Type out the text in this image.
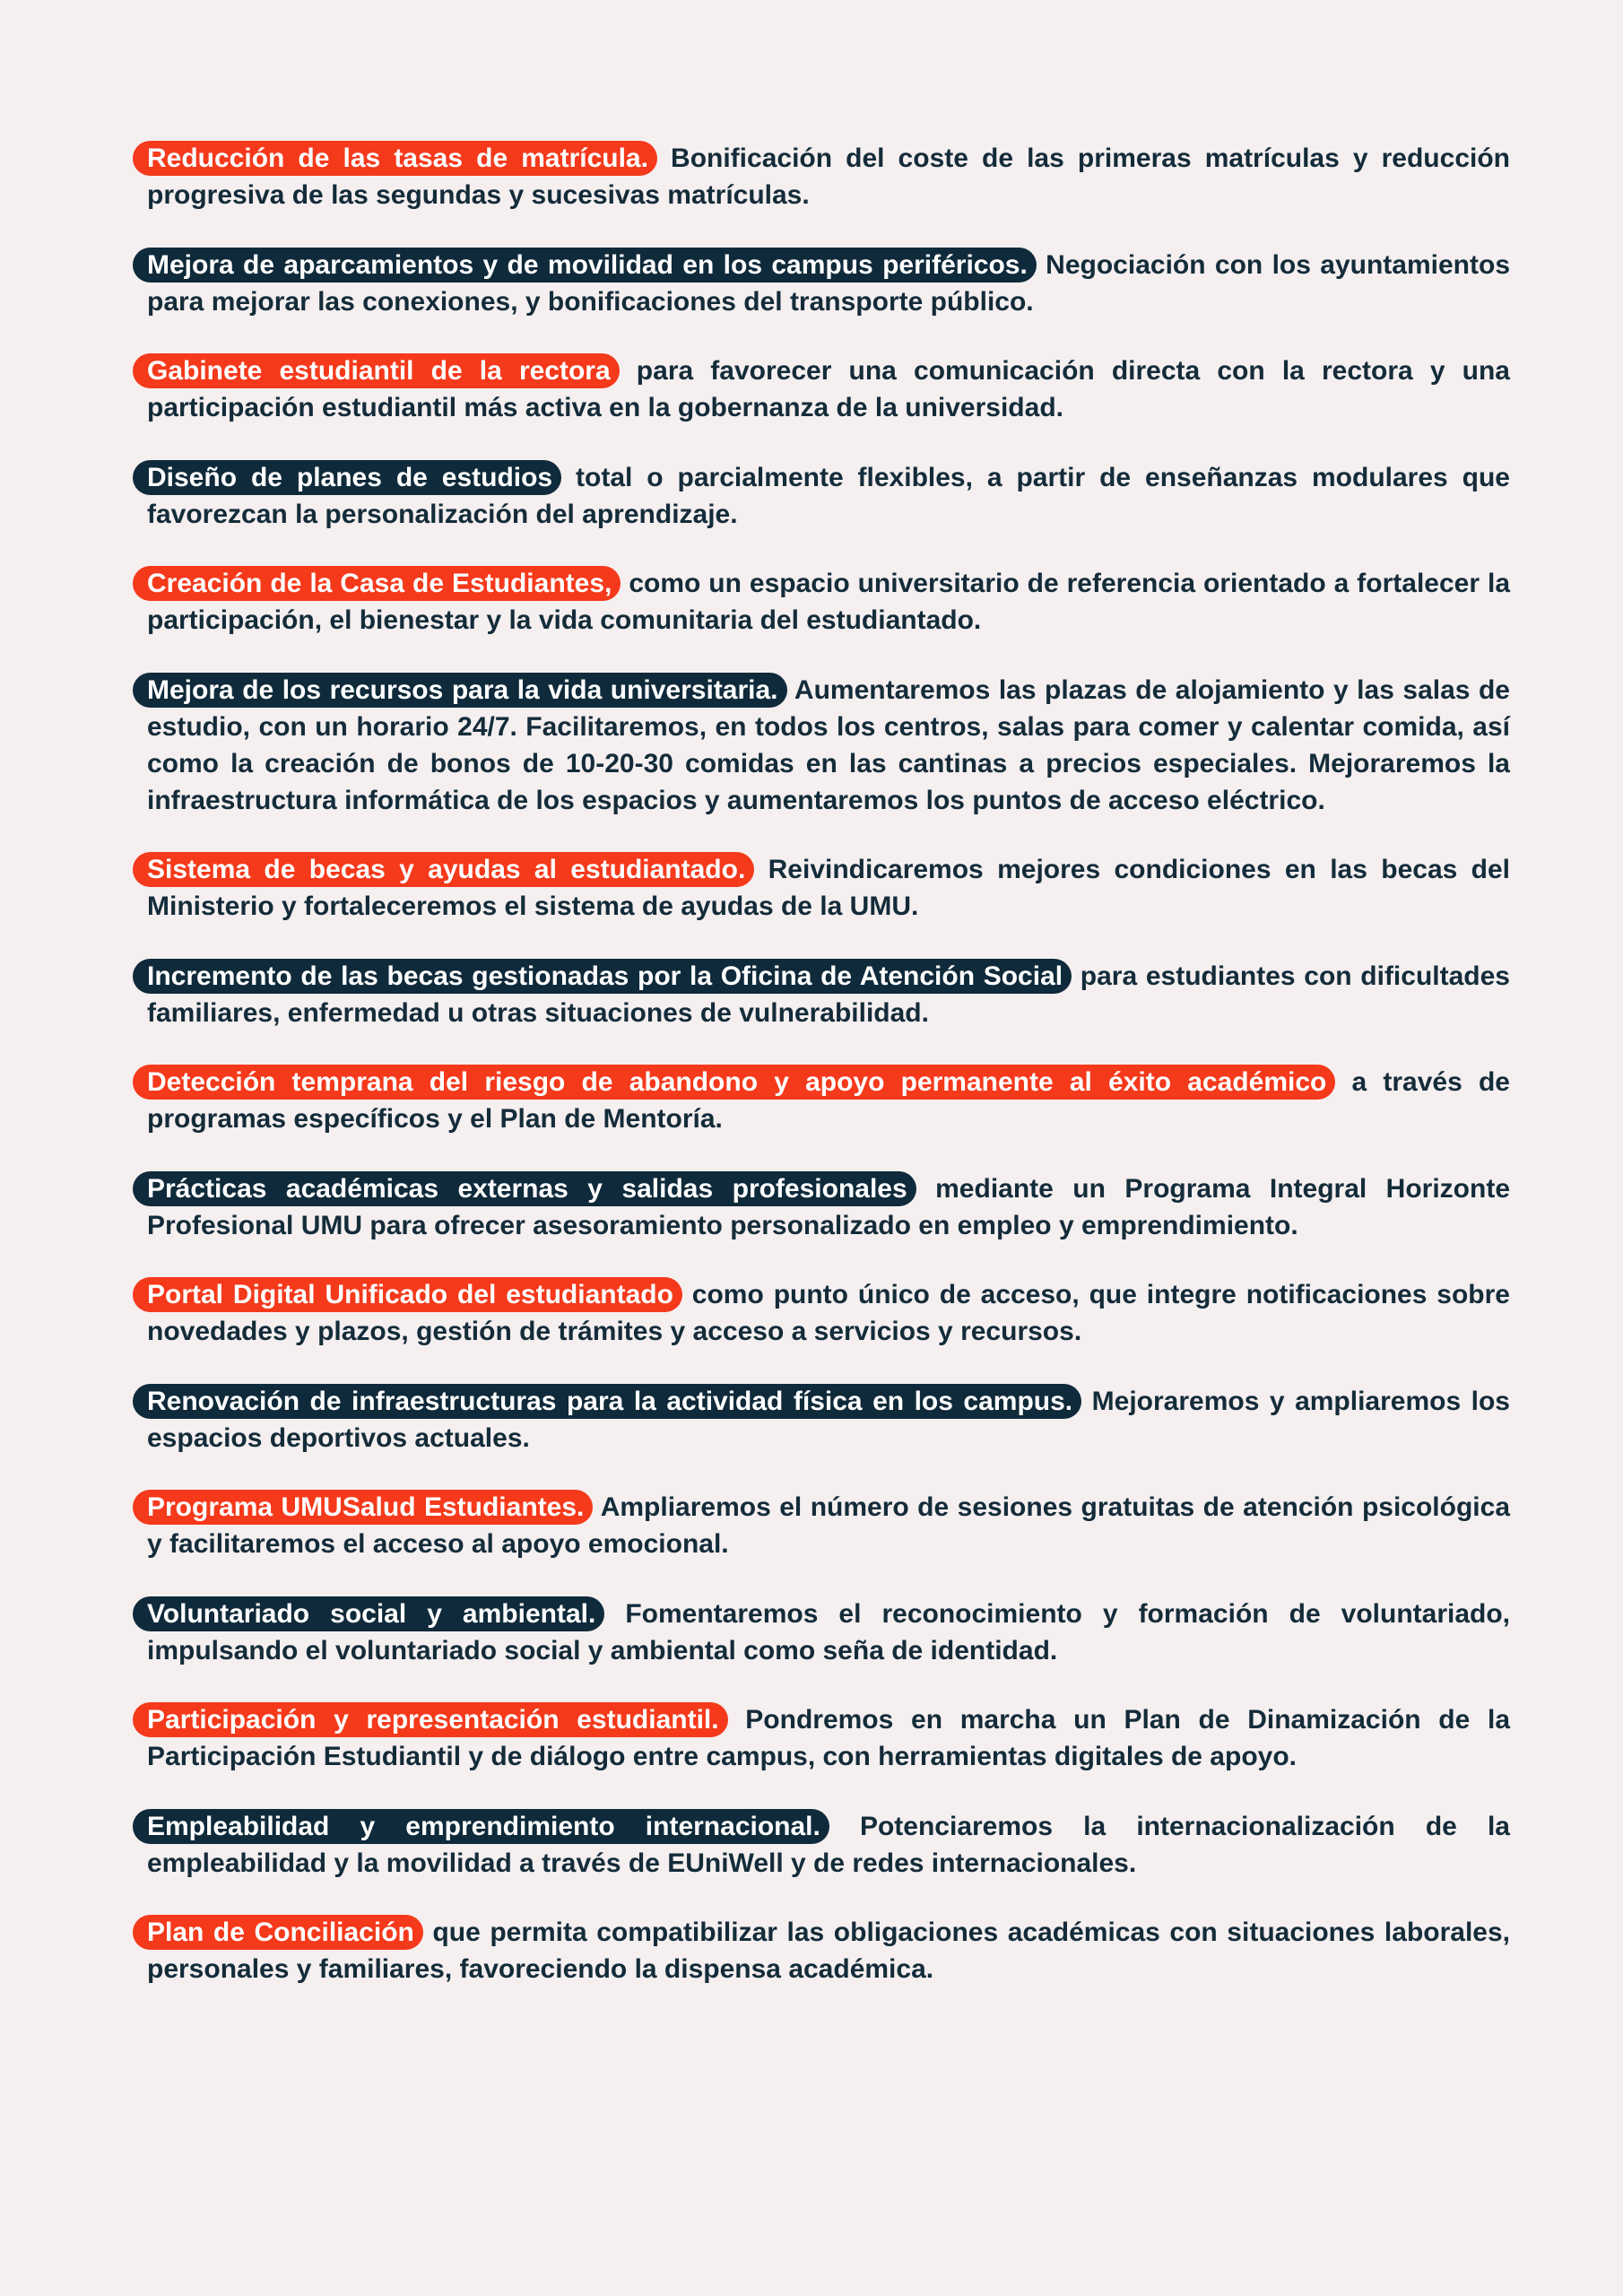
Reducción de las tasas de matrícula. Bonificación del coste de las primeras matrículas y reducción progresiva de las segundas y sucesivas matrículas.

Mejora de aparcamientos y de movilidad en los campus periféricos. Negociación con los ayuntamientos para mejorar las conexiones, y bonificaciones del transporte público.

Gabinete estudiantil de la rectora para favorecer una comunicación directa con la rectora y una participación estudiantil más activa en la gobernanza de la universidad.

Diseño de planes de estudios total o parcialmente flexibles, a partir de enseñanzas modulares que favorezcan la personalización del aprendizaje.

Creación de la Casa de Estudiantes, como un espacio universitario de referencia orientado a fortalecer la participación, el bienestar y la vida comunitaria del estudiantado.

Mejora de los recursos para la vida universitaria. Aumentaremos las plazas de alojamiento y las salas de estudio, con un horario 24/7. Facilitaremos, en todos los centros, salas para comer y calentar comida, así como la creación de bonos de 10-20-30 comidas en las cantinas a precios especiales. Mejoraremos la infraestructura informática de los espacios y aumentaremos los puntos de acceso eléctrico.

Sistema de becas y ayudas al estudiantado. Reivindicaremos mejores condiciones en las becas del Ministerio y fortaleceremos el sistema de ayudas de la UMU.

Incremento de las becas gestionadas por la Oficina de Atención Social para estudiantes con dificultades familiares, enfermedad u otras situaciones de vulnerabilidad.

Detección temprana del riesgo de abandono y apoyo permanente al éxito académico a través de programas específicos y el Plan de Mentoría.

Prácticas académicas externas y salidas profesionales mediante un Programa Integral Horizonte Profesional UMU para ofrecer asesoramiento personalizado en empleo y emprendimiento.

Portal Digital Unificado del estudiantado como punto único de acceso, que integre notificaciones sobre novedades y plazos, gestión de trámites y acceso a servicios y recursos.

Renovación de infraestructuras para la actividad física en los campus. Mejoraremos y ampliaremos los espacios deportivos actuales.

Programa UMUSalud Estudiantes. Ampliaremos el número de sesiones gratuitas de atención psicológica y facilitaremos el acceso al apoyo emocional.

Voluntariado social y ambiental. Fomentaremos el reconocimiento y formación de voluntariado, impulsando el voluntariado social y ambiental como seña de identidad.

Participación y representación estudiantil. Pondremos en marcha un Plan de Dinamización de la Participación Estudiantil y de diálogo entre campus, con herramientas digitales de apoyo.

Empleabilidad y emprendimiento internacional. Potenciaremos la internacionalización de la empleabilidad y la movilidad a través de EUniWell y de redes internacionales.

Plan de Conciliación que permita compatibilizar las obligaciones académicas con situaciones laborales, personales y familiares, favoreciendo la dispensa académica.
